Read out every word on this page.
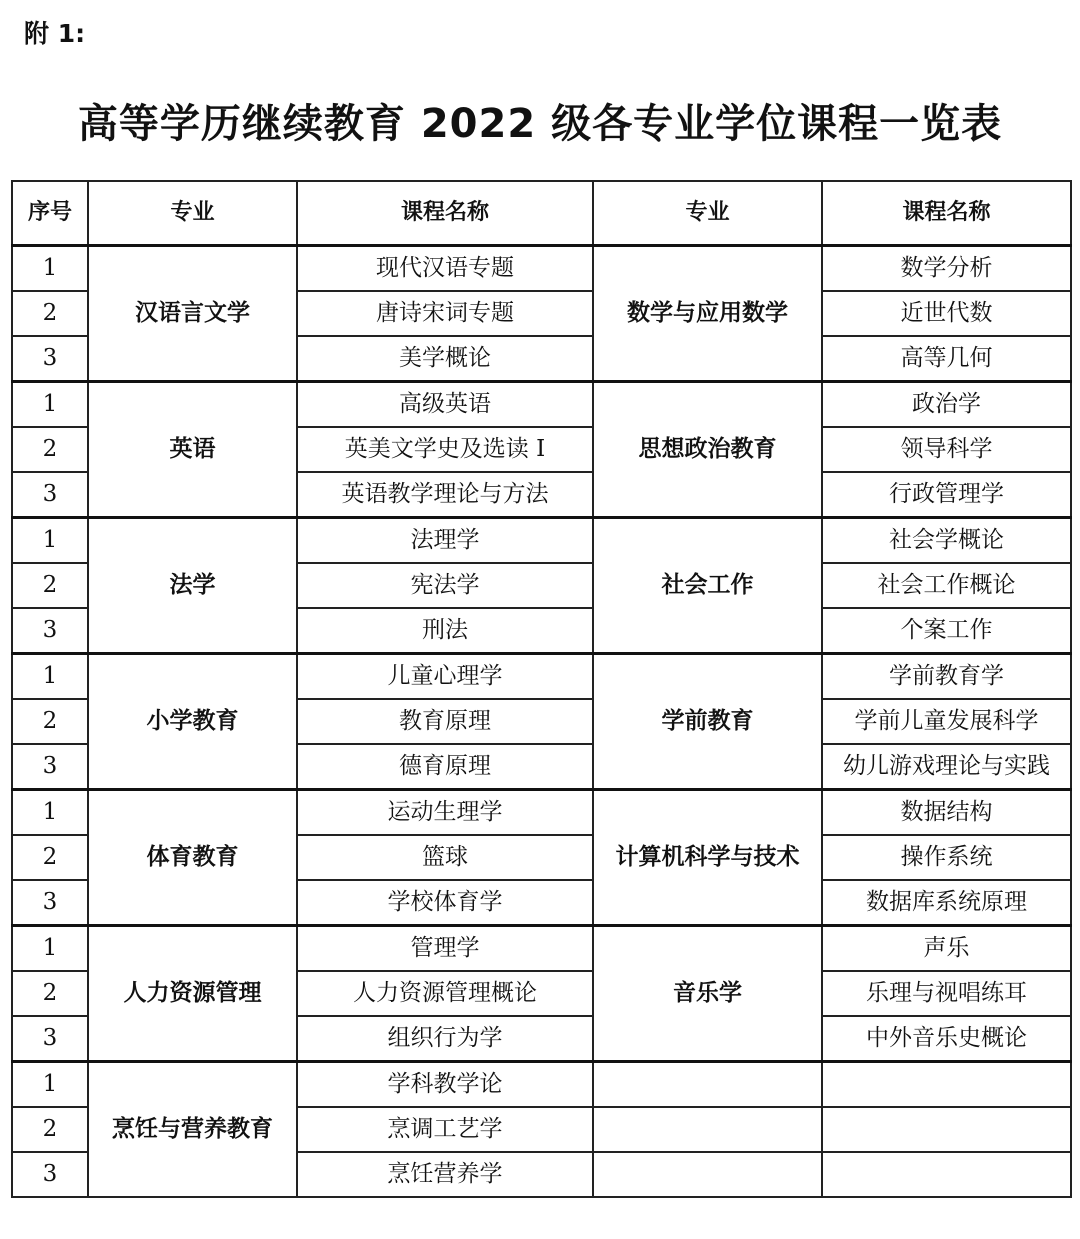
附 1:
高等学历继续教育 2022 级各专业学位课程一览表
序号	专业	课程名称	专业	课程名称
1	汉语言文学	现代汉语专题	数学与应用数学	数学分析
2		唐诗宋词专题		近世代数
3		美学概论		高等几何
1	英语	高级英语	思想政治教育	政治学
2		英美文学史及选读 I		领导科学
3		英语教学理论与方法		行政管理学
1	法学	法理学	社会工作	社会学概论
2		宪法学		社会工作概论
3		刑法		个案工作
1	小学教育	儿童心理学	学前教育	学前教育学
2		教育原理		学前儿童发展科学
3		德育原理		幼儿游戏理论与实践
1	体育教育	运动生理学	计算机科学与技术	数据结构
2		篮球		操作系统
3		学校体育学		数据库系统原理
1	人力资源管理	管理学	音乐学	声乐
2		人力资源管理概论		乐理与视唱练耳
3		组织行为学		中外音乐史概论
1	烹饪与营养教育	学科教学论		
2		烹调工艺学		
3		烹饪营养学		
